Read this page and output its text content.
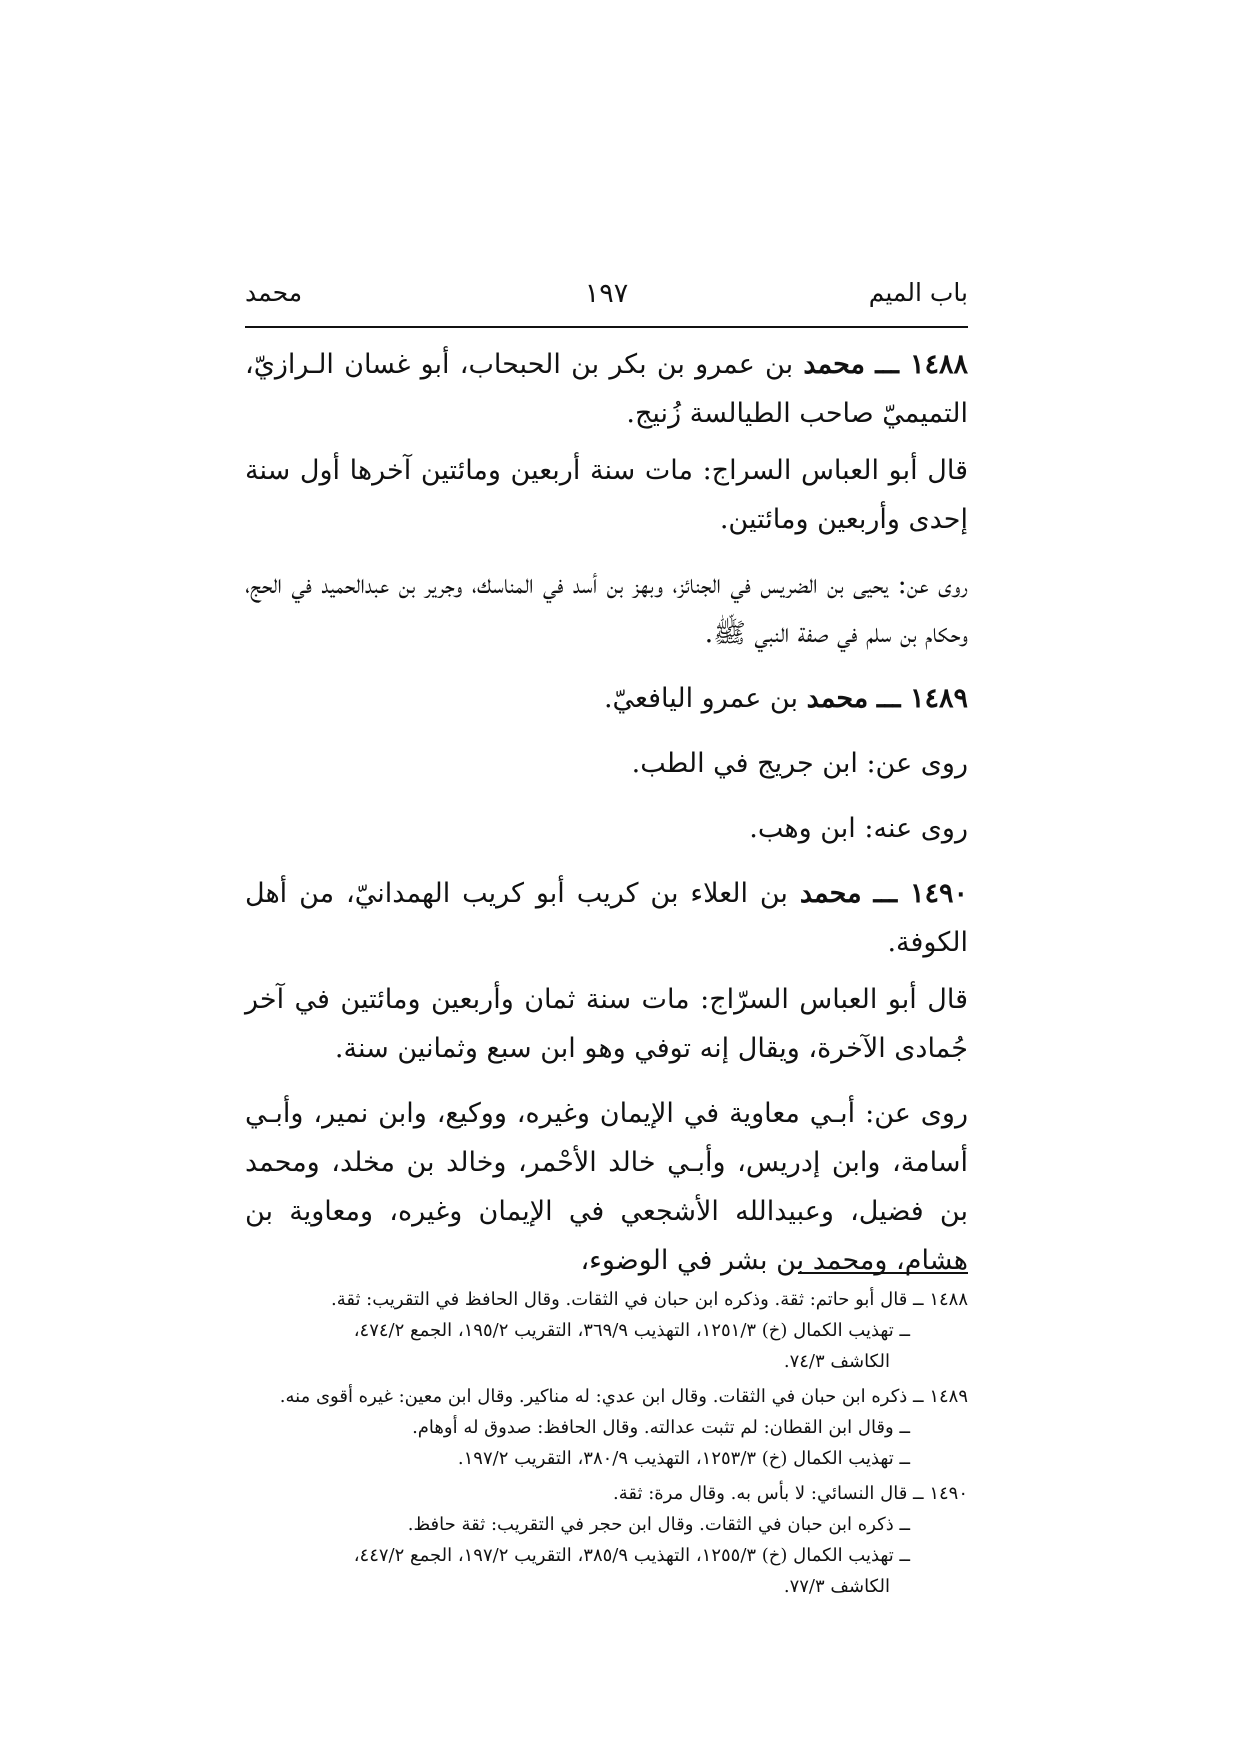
باب الميم
١٩٧
محمد

١٤٨٨ ـــ محمد بن عمرو بن بكر بن الحبحاب، أبو غسان الـرازيّ، التميميّ صاحب الطيالسة زُنيج.

قال أبو العباس السراج: مات سنة أربعين ومائتين آخرها أول سنة إحدى وأربعين ومائتين.

روى عن: يحيى بن الضريس في الجنائز، وبهز بن أسد في المناسك، وجرير بن عبدالحميد في الحج، وحكام بن سلم في صفة النبي ﷺ.

١٤٨٩ ـــ محمد بن عمرو اليافعيّ.

روى عن: ابن جريج في الطب.

روى عنه: ابن وهب.

١٤٩٠ ـــ محمد بن العلاء بن كريب أبو كريب الهمدانيّ، من أهل الكوفة.

قال أبو العباس السرّاج: مات سنة ثمان وأربعين ومائتين في آخر جُمادى الآخرة، ويقال إنه توفي وهو ابن سبع وثمانين سنة.

روى عن: أبـي معاوية في الإيمان وغيره، ووكيع، وابن نمير، وأبـي أسامة، وابن إدريس، وأبـي خالد الأحْمر، وخالد بن مخلد، ومحمد بن فضيل، وعبيدالله الأشجعي في الإيمان وغيره، ومعاوية بن هشام، ومحمد بن بشر في الوضوء،

١٤٨٨ ــ قال أبو حاتم: ثقة. وذكره ابن حبان في الثقات. وقال الحافظ في التقريب: ثقة.

ــ تهذيب الكمال (خ) ١٢٥١/٣، التهذيب ٣٦٩/٩، التقريب ١٩٥/٢، الجمع ٤٧٤/٢،

الكاشف ٧٤/٣.

١٤٨٩ ــ ذكره ابن حبان في الثقات. وقال ابن عدي: له مناكير. وقال ابن معين: غيره أقوى منه.

ــ وقال ابن القطان: لم تثبت عدالته. وقال الحافظ: صدوق له أوهام.

ــ تهذيب الكمال (خ) ١٢٥٣/٣، التهذيب ٣٨٠/٩، التقريب ١٩٧/٢.

١٤٩٠ ــ قال النسائي: لا بأس به. وقال مرة: ثقة.

ــ ذكره ابن حبان في الثقات. وقال ابن حجر في التقريب: ثقة حافظ.

ــ تهذيب الكمال (خ) ١٢٥٥/٣، التهذيب ٣٨٥/٩، التقريب ١٩٧/٢، الجمع ٤٤٧/٢،

الكاشف ٧٧/٣.
